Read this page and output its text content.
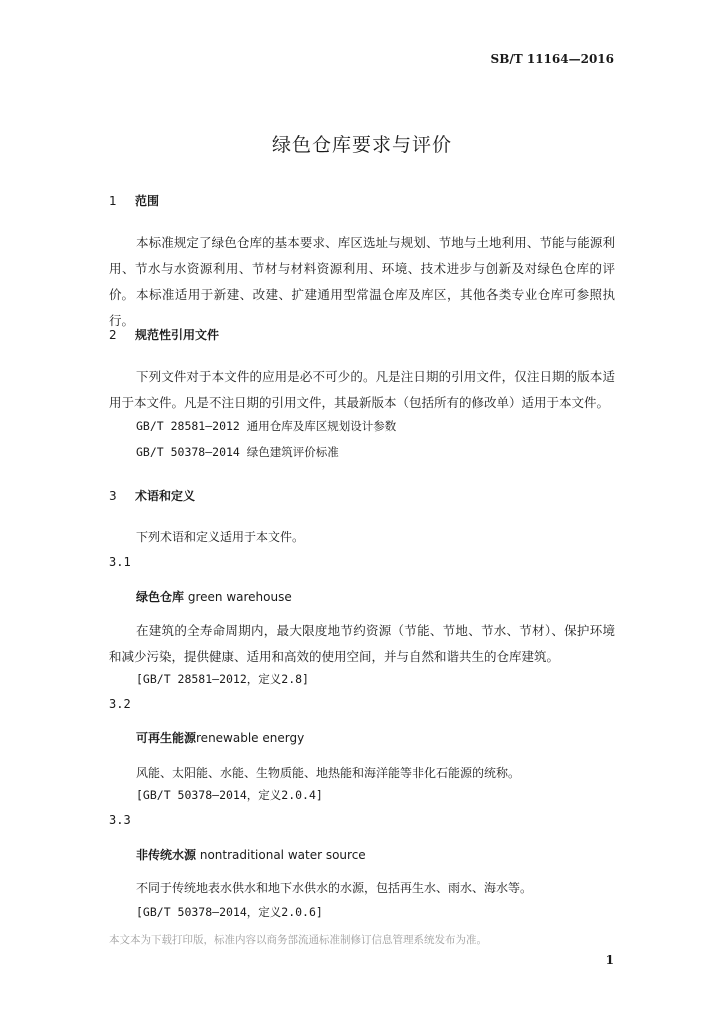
SB/T 11164—2016
绿色仓库要求与评价
1 范围
本标准规定了绿色仓库的基本要求、库区选址与规划、节地与土地利用、节能与能源利用、节水与水资源利用、节材与材料资源利用、环境、技术进步与创新及对绿色仓库的评价。 本标准适用于新建、改建、扩建通用型常温仓库及库区，其他各类专业仓库可参照执行。
2 规范性引用文件
下列文件对于本文件的应用是必不可少的。凡是注日期的引用文件，仅注日期的版本适用于本文件。凡是不注日期的引用文件，其最新版本（包括所有的修改单）适用于本文件。
GB/T 28581—2012 通用仓库及库区规划设计参数
GB/T 50378—2014 绿色建筑评价标准
3 术语和定义
下列术语和定义适用于本文件。
3.1
绿色仓库 green warehouse
在建筑的全寿命周期内，最大限度地节约资源（节能、节地、节水、节材）、保护环境和减少污染，提供健康、适用和高效的使用空间，并与自然和谐共生的仓库建筑。
[GB/T 28581—2012，定义2.8]
3.2
可再生能源renewable energy
风能、太阳能、水能、生物质能、地热能和海洋能等非化石能源的统称。
[GB/T 50378—2014，定义2.0.4]
3.3
非传统水源 nontraditional water source
不同于传统地表水供水和地下水供水的水源，包括再生水、雨水、海水等。
[GB/T 50378—2014，定义2.0.6]
本文本为下载打印版，标准内容以商务部流通标准制修订信息管理系统发布为准。
1
